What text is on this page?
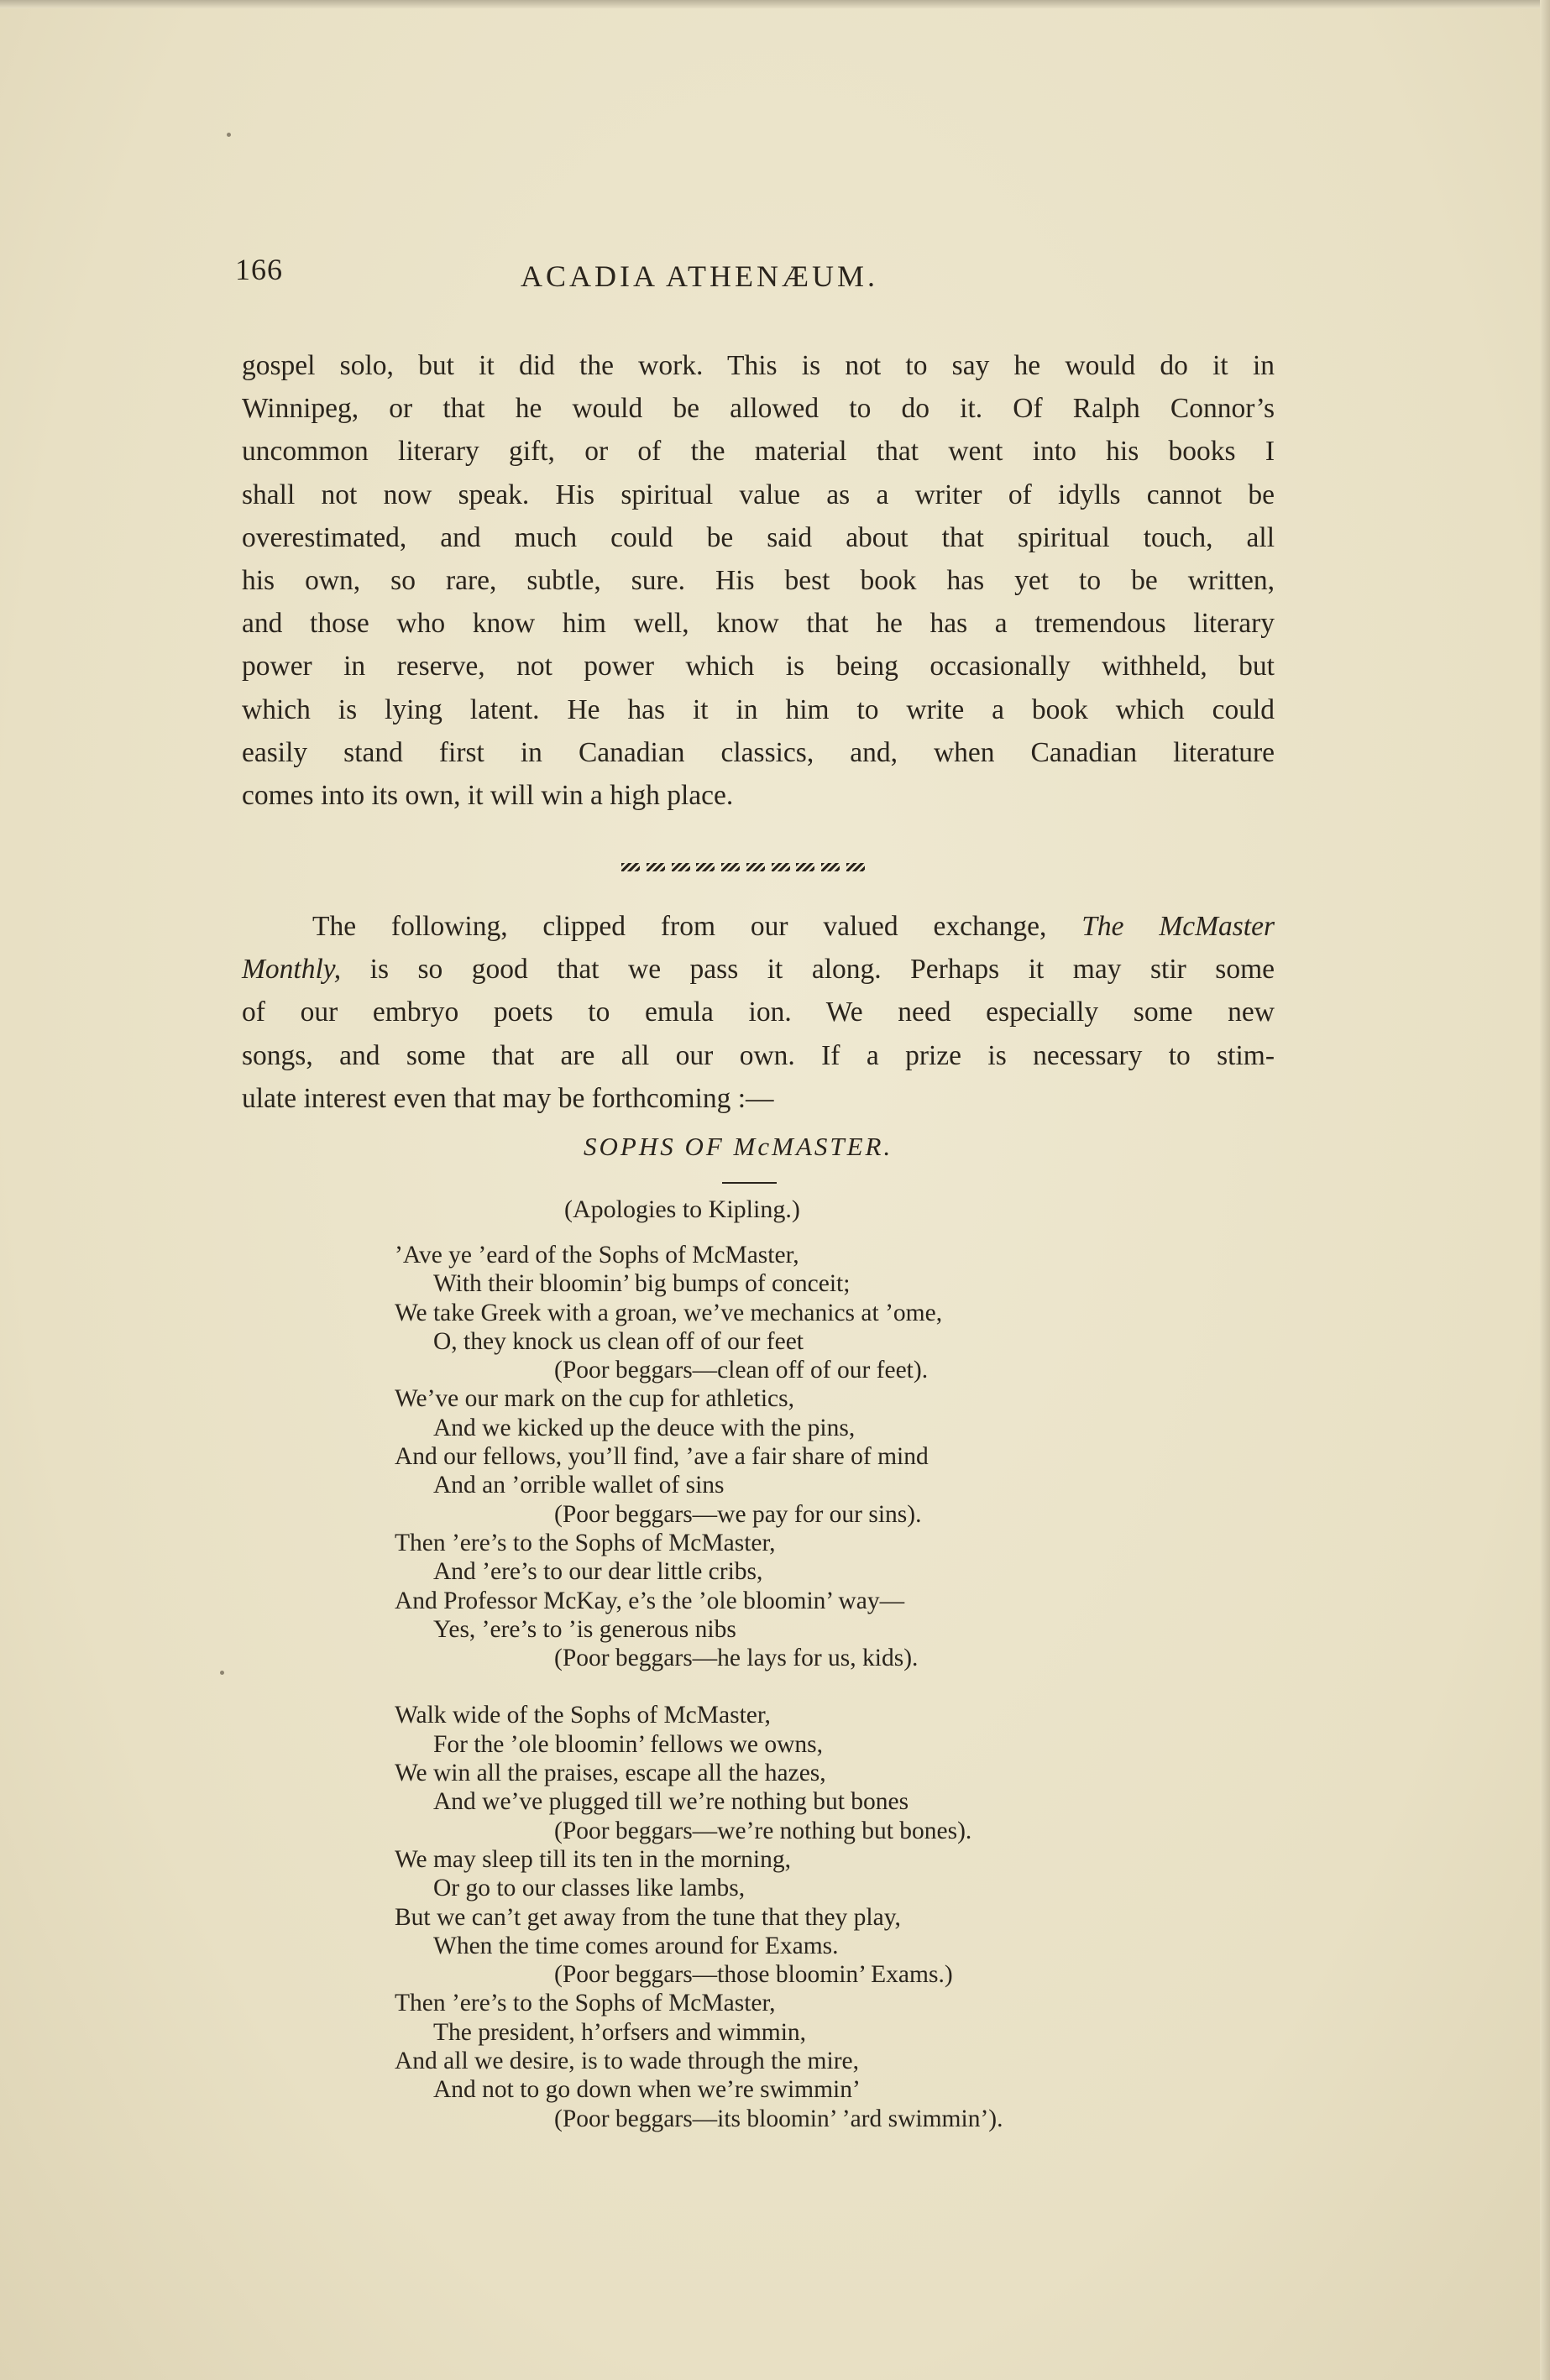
166	ACADIA ATHENÆUM.
gospel solo, but it did the work. This is not to say he would do it in
Winnipeg, or that he would be allowed to do it. Of Ralph Connor’s
uncommon literary gift, or of the material that went into his books I
shall not now speak. His spiritual value as a writer of idylls cannot be
overestimated, and much could be said about that spiritual touch, all
his own, so rare, subtle, sure. His best book has yet to be written,
and those who know him well, know that he has a tremendous literary
power in reserve, not power which is being occasionally withheld, but
which is lying latent. He has it in him to write a book which could
easily stand first in Canadian classics, and, when Canadian literature
comes into its own, it will win a high place.
The following, clipped from our valued exchange, The McMaster
Monthly, is so good that we pass it along. Perhaps it may stir some
of our embryo poets to emula ion. We need especially some new
songs, and some that are all our own. If a prize is necessary to stim-
ulate interest even that may be forthcoming :—
SOPHS OF McMASTER.
(Apologies to Kipling.)
’Ave ye ’eard of the Sophs of McMaster,
With their bloomin’ big bumps of conceit;
We take Greek with a groan, we’ve mechanics at ’ome,
O, they knock us clean off of our feet
(Poor beggars—clean off of our feet).
We’ve our mark on the cup for athletics,
And we kicked up the deuce with the pins,
And our fellows, you’ll find, ’ave a fair share of mind
And an ’orrible wallet of sins
(Poor beggars—we pay for our sins).
Then ’ere’s to the Sophs of McMaster,
And ’ere’s to our dear little cribs,
And Professor McKay, e’s the ’ole bloomin’ way—
Yes, ’ere’s to ’is generous nibs
(Poor beggars—he lays for us, kids).
Walk wide of the Sophs of McMaster,
For the ’ole bloomin’ fellows we owns,
We win all the praises, escape all the hazes,
And we’ve plugged till we’re nothing but bones
(Poor beggars—we’re nothing but bones).
We may sleep till its ten in the morning,
Or go to our classes like lambs,
But we can’t get away from the tune that they play,
When the time comes around for Exams.
(Poor beggars—those bloomin’ Exams.)
Then ’ere’s to the Sophs of McMaster,
The president, h’orfsers and wimmin,
And all we desire, is to wade through the mire,
And not to go down when we’re swimmin’
(Poor beggars—its bloomin’ ’ard swimmin’).
